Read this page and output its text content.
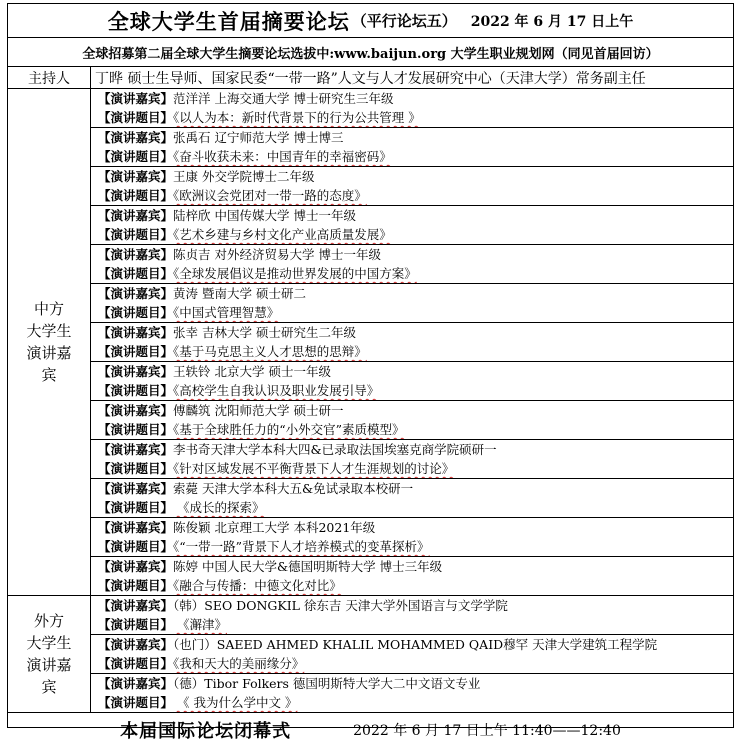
全球大学生首届摘要论坛 （平行论坛五） 2022 年 6 月 17 日上午
全球招募第二届全球大学生摘要论坛选拔中:www.baijun.org 大学生职业规划网（同见首届回访）
主持人	丁晔 硕士生导师、国家民委“一带一路”人文与人才发展研究中心（天津大学）常务副主任
中方
大学生
演讲嘉
宾
【演讲嘉宾】范洋洋 上海交通大学 博士研究生三年级
【演讲题目】《以人为本：新时代背景下的行为公共管理 》
【演讲嘉宾】张禹石 辽宁师范大学 博士博三
【演讲题目】《奋斗收获未来：中国青年的幸福密码》
【演讲嘉宾】王康 外交学院博士二年级
【演讲题目】《欧洲议会党团对一带一路的态度》
【演讲嘉宾】陆梓欣 中国传媒大学 博士一年级
【演讲题目】《艺术乡建与乡村文化产业高质量发展》
【演讲嘉宾】陈贞吉 对外经济贸易大学 博士一年级
【演讲题目】《全球发展倡议是推动世界发展的中国方案》
【演讲嘉宾】黄涛 暨南大学 硕士研二
【演讲题目】《中国式管理智慧》
【演讲嘉宾】张幸 吉林大学 硕士研究生二年级
【演讲题目】《基于马克思主义人才思想的思辩》
【演讲嘉宾】王轶铃 北京大学 硕士一年级
【演讲题目】《高校学生自我认识及职业发展引导》
【演讲嘉宾】傅麟筑 沈阳师范大学 硕士研一
【演讲题目】《基于全球胜任力的“小外交官”素质模型》
【演讲嘉宾】李书奇天津大学本科大四&已录取法国埃塞克商学院硕研一
【演讲题目】《针对区域发展不平衡背景下人才生涯规划的讨论》
【演讲嘉宾】索薨 天津大学本科大五&免试录取本校研一
【演讲题目】 《成长的探索》
【演讲嘉宾】陈俊颖 北京理工大学 本科2021年级
【演讲题目】《“一带一路”背景下人才培养模式的变革探析》
【演讲嘉宾】陈婷 中国人民大学&德国明斯特大学 博士三年级
【演讲题目】《融合与传播：中德文化对比》
外方
大学生
演讲嘉
宾
【演讲嘉宾】（韩）SEO DONGKIL 徐东吉 天津大学外国语言与文学学院
【演讲题目】 《澥津》
【演讲嘉宾】（也门）SAEED AHMED KHALIL MOHAMMED QAID穆罕 天津大学建筑工程学院
【演讲题目】《我和天大的美丽缘分》
【演讲嘉宾】（德）Tibor Folkers 德国明斯特大学大二中文语文专业
【演讲题目】 《 我为什么学中文 》
本届国际论坛闭幕式	2022 年 6 月 17 日上午 11:40——12:40
